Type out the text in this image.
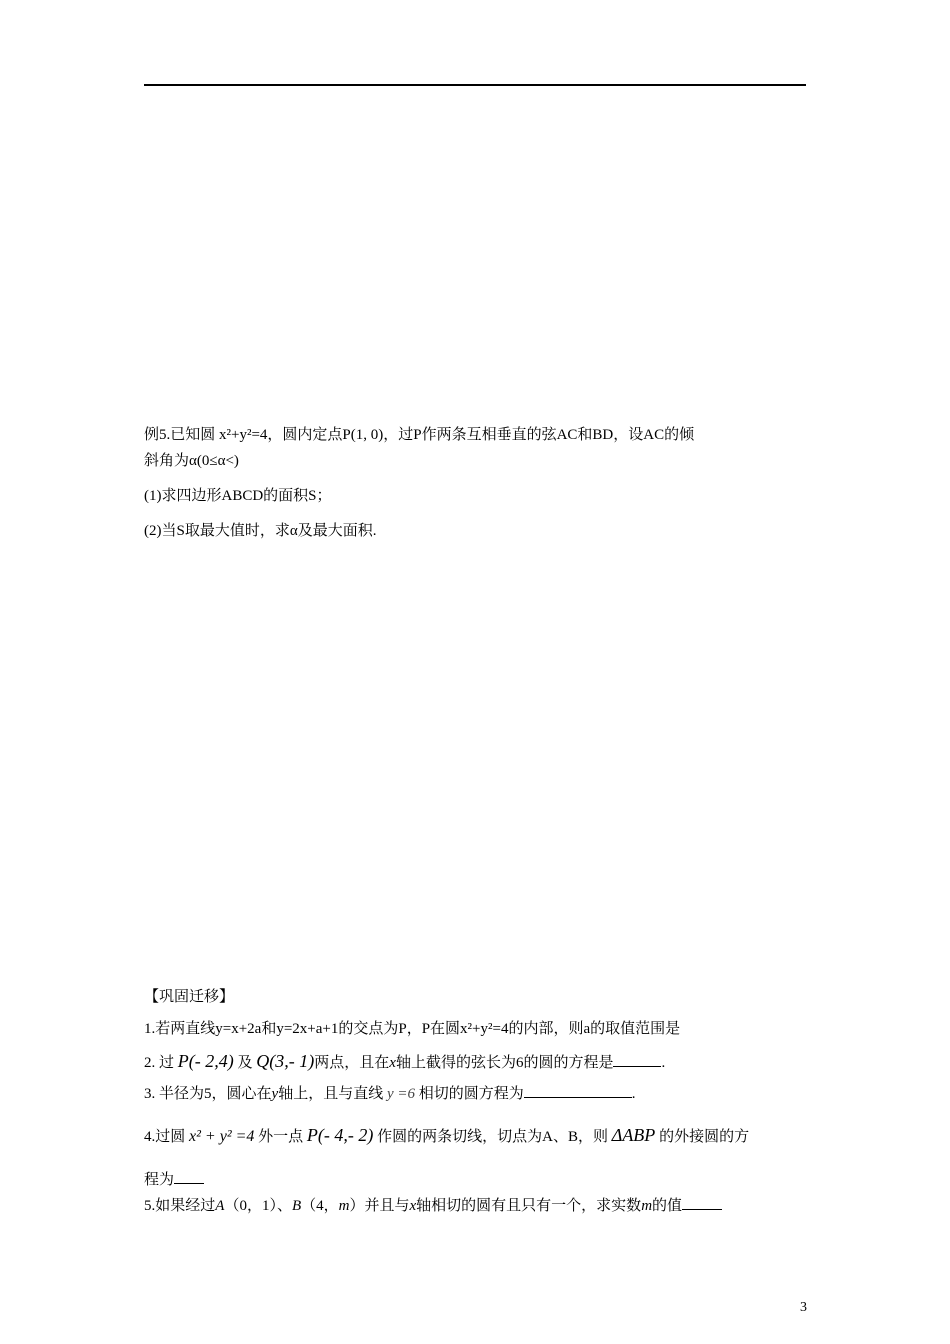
例5.已知圆 x²+y²=4，圆内定点P(1, 0)，过P作两条互相垂直的弦AC和BD，设AC的倾
斜角为α(0≤α<)
(1)求四边形ABCD的面积S；
(2)当S取最大值时，求α及最大面积.
【巩固迁移】
1.若两直线y=x+2a和y=2x+a+1的交点为P，P在圆x²+y²=4的内部，则a的取值范围是
2. 过 P(- 2,4) 及 Q(3,- 1)两点，且在x轴上截得的弦长为6的圆的方程是	.
3. 半径为5，圆心在y轴上，且与直线 y =6 相切的圆方程为	.
4.过圆 x² + y² =4 外一点 P(- 4,- 2) 作圆的两条切线，切点为A、B，则 ΔABP 的外接圆的方
程为
5.如果经过A（0，1）、B（4，m）并且与x轴相切的圆有且只有一个，求实数m的值
3
